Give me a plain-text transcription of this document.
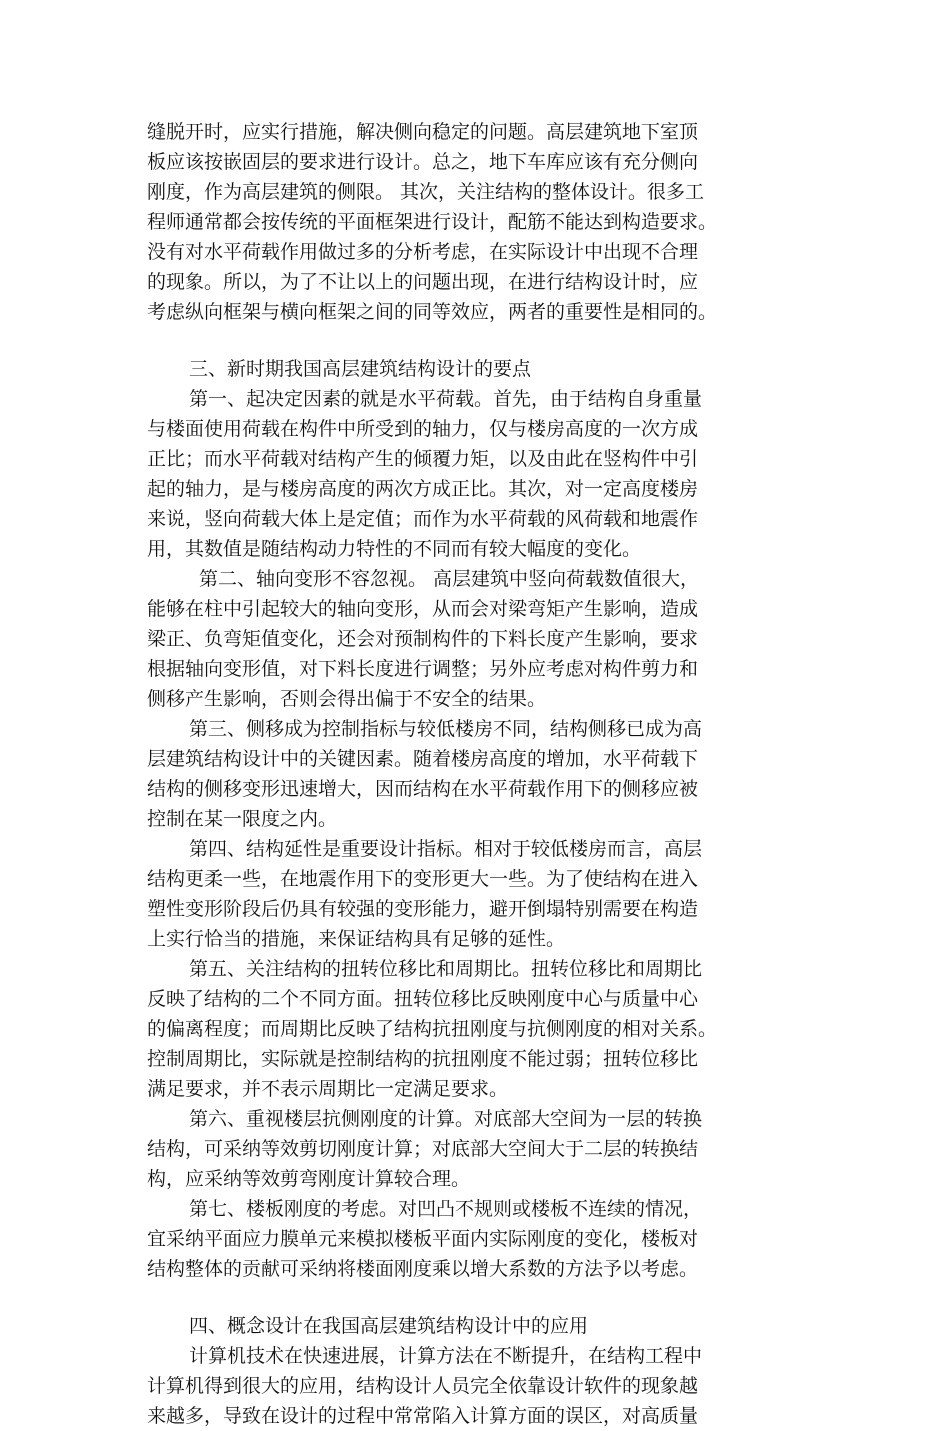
缝脱开时，应实行措施，解决侧向稳定的问题。高层建筑地下室顶
板应该按嵌固层的要求进行设计。总之，地下车库应该有充分侧向
刚度，作为高层建筑的侧限。 其次，关注结构的整体设计。很多工
程师通常都会按传统的平面框架进行设计，配筋不能达到构造要求。
没有对水平荷载作用做过多的分析考虑，在实际设计中出现不合理
的现象。所以，为了不让以上的问题出现，在进行结构设计时，应
考虑纵向框架与横向框架之间的同等效应，两者的重要性是相同的。
三、新时期我国高层建筑结构设计的要点
第一、起决定因素的就是水平荷载。首先，由于结构自身重量
与楼面使用荷载在构件中所受到的轴力，仅与楼房高度的一次方成
正比；而水平荷载对结构产生的倾覆力矩，以及由此在竖构件中引
起的轴力，是与楼房高度的两次方成正比。其次，对一定高度楼房
来说，竖向荷载大体上是定值；而作为水平荷载的风荷载和地震作
用，其数值是随结构动力特性的不同而有较大幅度的变化。
第二、轴向变形不容忽视。 高层建筑中竖向荷载数值很大，
能够在柱中引起较大的轴向变形，从而会对梁弯矩产生影响，造成
梁正、负弯矩值变化，还会对预制构件的下料长度产生影响，要求
根据轴向变形值，对下料长度进行调整；另外应考虑对构件剪力和
侧移产生影响，否则会得出偏于不安全的结果。
第三、侧移成为控制指标与较低楼房不同，结构侧移已成为高
层建筑结构设计中的关键因素。随着楼房高度的增加，水平荷载下
结构的侧移变形迅速增大，因而结构在水平荷载作用下的侧移应被
控制在某一限度之内。
第四、结构延性是重要设计指标。相对于较低楼房而言，高层
结构更柔一些，在地震作用下的变形更大一些。为了使结构在进入
塑性变形阶段后仍具有较强的变形能力，避开倒塌特别需要在构造
上实行恰当的措施，来保证结构具有足够的延性。
第五、关注结构的扭转位移比和周期比。扭转位移比和周期比
反映了结构的二个不同方面。扭转位移比反映刚度中心与质量中心
的偏离程度；而周期比反映了结构抗扭刚度与抗侧刚度的相对关系。
控制周期比，实际就是控制结构的抗扭刚度不能过弱；扭转位移比
满足要求，并不表示周期比一定满足要求。
第六、重视楼层抗侧刚度的计算。对底部大空间为一层的转换
结构，可采纳等效剪切刚度计算；对底部大空间大于二层的转换结
构，应采纳等效剪弯刚度计算较合理。
第七、楼板刚度的考虑。对凹凸不规则或楼板不连续的情况，
宜采纳平面应力膜单元来模拟楼板平面内实际刚度的变化，楼板对
结构整体的贡献可采纳将楼面刚度乘以增大系数的方法予以考虑。
四、概念设计在我国高层建筑结构设计中的应用
计算机技术在快速进展，计算方法在不断提升，在结构工程中
计算机得到很大的应用，结构设计人员完全依靠设计软件的现象越
来越多，导致在设计的过程中常常陷入计算方面的误区，对高质量
